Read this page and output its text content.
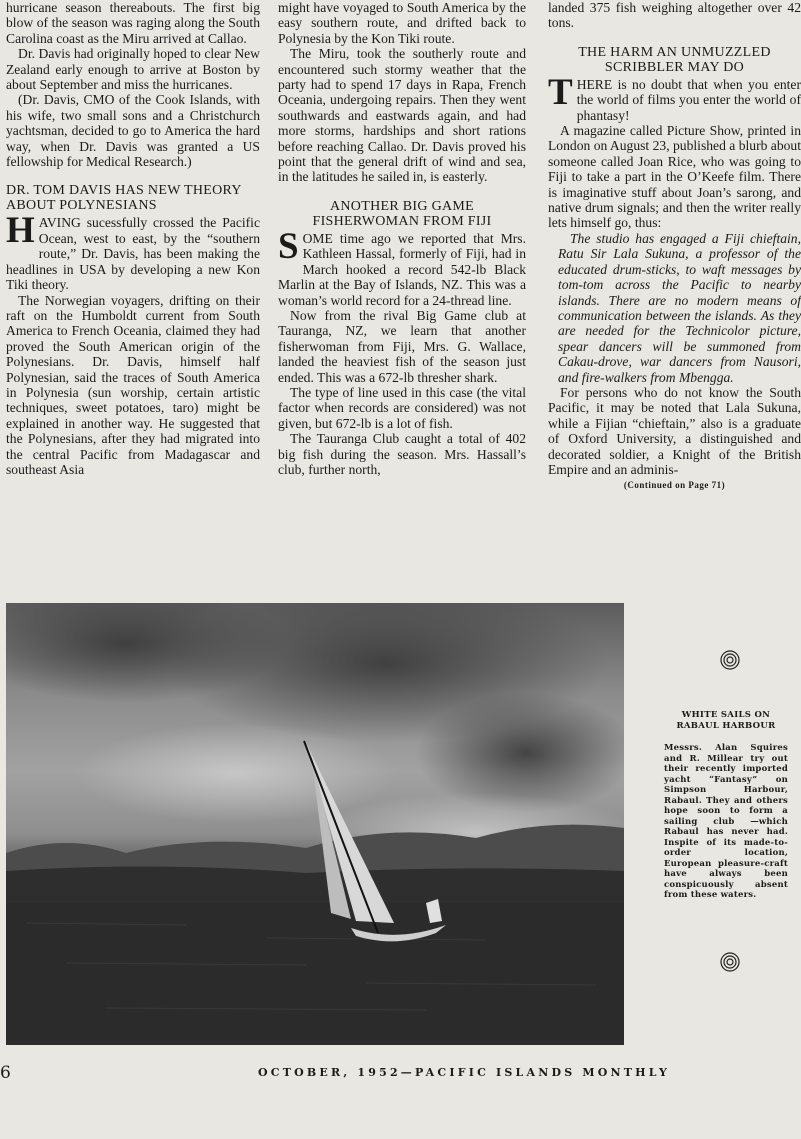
hurricane season thereabouts. The first big blow of the season was raging along the South Carolina coast as the Miru arrived at Callao.

Dr. Davis had originally hoped to clear New Zealand early enough to arrive at Boston by about September and miss the hurricanes.

(Dr. Davis, CMO of the Cook Islands, with his wife, two small sons and a Christchurch yachtsman, decided to go to America the hard way, when Dr. Davis was granted a US fellowship for Medical Research.)

DR. TOM DAVIS HAS NEW THEORY ABOUT POLYNESIANS

HAVING sucessfully crossed the Pacific Ocean, west to east, by the “southern route,” Dr. Davis, has been making the headlines in USA by developing a new Kon Tiki theory.

The Norwegian voyagers, drifting on their raft on the Humboldt current from South America to French Oceania, claimed they had proved the South American origin of the Polynesians. Dr. Davis, himself half Polynesian, said the traces of South America in Polynesia (sun worship, certain artistic techniques, sweet potatoes, taro) might be explained in another way. He suggested that the Polynesians, after they had migrated into the central Pacific from Madagascar and southeast Asia

might have voyaged to South America by the easy southern route, and drifted back to Polynesia by the Kon Tiki route.

The Miru, took the southerly route and encountered such stormy weather that the party had to spend 17 days in Rapa, French Oceania, undergoing repairs. Then they went southwards and eastwards again, and had more storms, hardships and short rations before reaching Callao. Dr. Davis proved his point that the general drift of wind and sea, in the latitudes he sailed in, is easterly.

ANOTHER BIG GAME FISHERWOMAN FROM FIJI

SOME time ago we reported that Mrs. Kathleen Hassal, formerly of Fiji, had in March hooked a record 542-lb Black Marlin at the Bay of Islands, NZ. This was a woman’s world record for a 24-thread line.

Now from the rival Big Game club at Tauranga, NZ, we learn that another fisherwoman from Fiji, Mrs. G. Wallace, landed the heaviest fish of the season just ended. This was a 672-lb thresher shark.

The type of line used in this case (the vital factor when records are considered) was not given, but 672-lb is a lot of fish.

The Tauranga Club caught a total of 402 big fish during the season. Mrs. Hassall’s club, further north,

landed 375 fish weighing altogether over 42 tons.

THE HARM AN UNMUZZLED SCRIBBLER MAY DO

THERE is no doubt that when you enter the world of films you enter the world of phantasy!

A magazine called Picture Show, printed in London on August 23, published a blurb about someone called Joan Rice, who was going to Fiji to take a part in the O’Keefe film. There is imaginative stuff about Joan’s sarong, and native drum signals; and then the writer really lets himself go, thus:

The studio has engaged a Fiji chieftain, Ratu Sir Lala Sukuna, a professor of the educated drum-sticks, to waft messages by tom-tom across the Pacific to nearby islands. There are no modern means of communication between the islands. As they are needed for the Technicolor picture, spear dancers will be summoned from Cakau-drove, war dancers from Nausori, and fire-walkers from Mbengga.

For persons who do not know the South Pacific, it may be noted that Lala Sukuna, while a Fijian “chieftain,” also is a graduate of Oxford University, a distinguished and decorated soldier, a Knight of the British Empire and an adminis-

(Continued on Page 71)
WHITE SAILS ON RABAUL HARBOUR
Messrs. Alan Squires and R. Millear try out their recently imported yacht “Fantasy” on Simpson Harbour, Rabaul. They and others hope soon to form a sailing club —which Rabaul has never had. Inspite of its made-to-order location, European pleasure-craft have always been conspicuously absent from these waters.
6	OCTOBER, 1952—PACIFIC ISLANDS MONTHLY
